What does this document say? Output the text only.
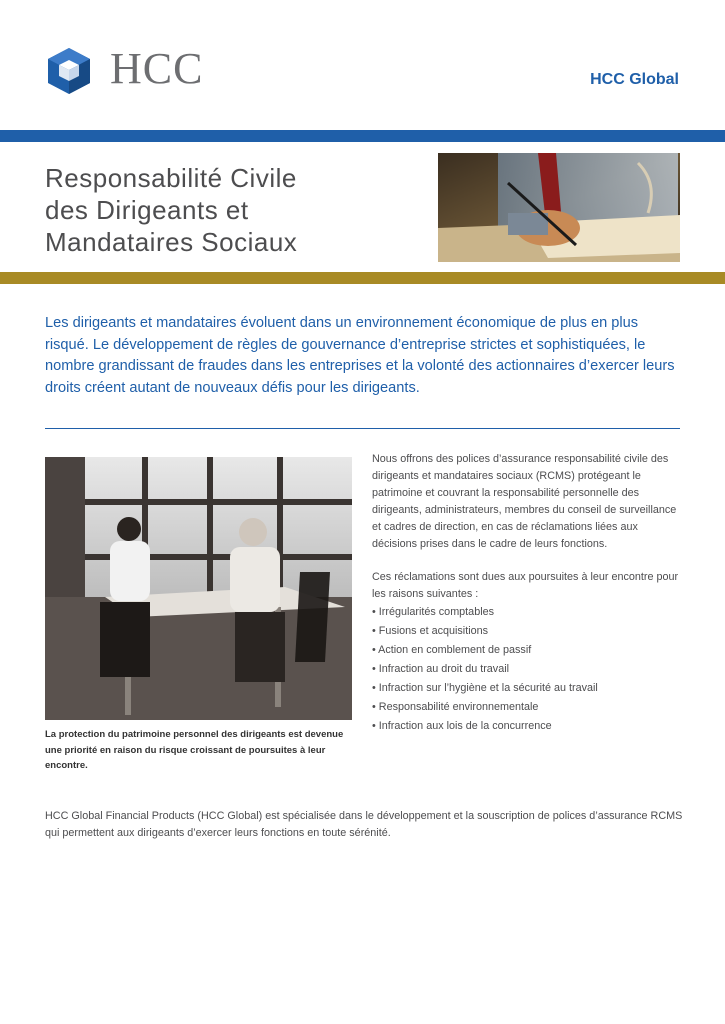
HCC	HCC Global
Responsabilité Civile
des Dirigeants et
Mandataires Sociaux
Les dirigeants et mandataires évoluent dans un environnement économique de plus en plus risqué. Le développement de règles de gouvernance d’entreprise strictes et sophistiquées, le nombre grandissant de fraudes dans les entreprises et la volonté des actionnaires d’exercer leurs droits créent autant de nouveaux défis pour les dirigeants.
La protection du patrimoine personnel des dirigeants est devenue une priorité en raison du risque croissant de poursuites à leur encontre.

Nous offrons des polices d’assurance responsabilité civile des dirigeants et mandataires sociaux (RCMS) protégeant le patrimoine et couvrant la responsabilité personnelle des dirigeants, administrateurs, membres du conseil de surveillance et cadres de direction, en cas de réclamations liées aux décisions prises dans le cadre de leurs fonctions.

Ces réclamations sont dues aux poursuites à leur encontre pour les raisons suivantes :

• Irrégularités comptables
• Fusions et acquisitions
• Action en comblement de passif
• Infraction au droit du travail
• Infraction sur l’hygiène et la sécurité au travail
• Responsabilité environnementale
• Infraction aux lois de la concurrence
HCC Global Financial Products (HCC Global) est spécialisée dans le développement et la souscription de polices d’assurance RCMS qui permettent aux dirigeants d’exercer leurs fonctions en toute sérénité.
